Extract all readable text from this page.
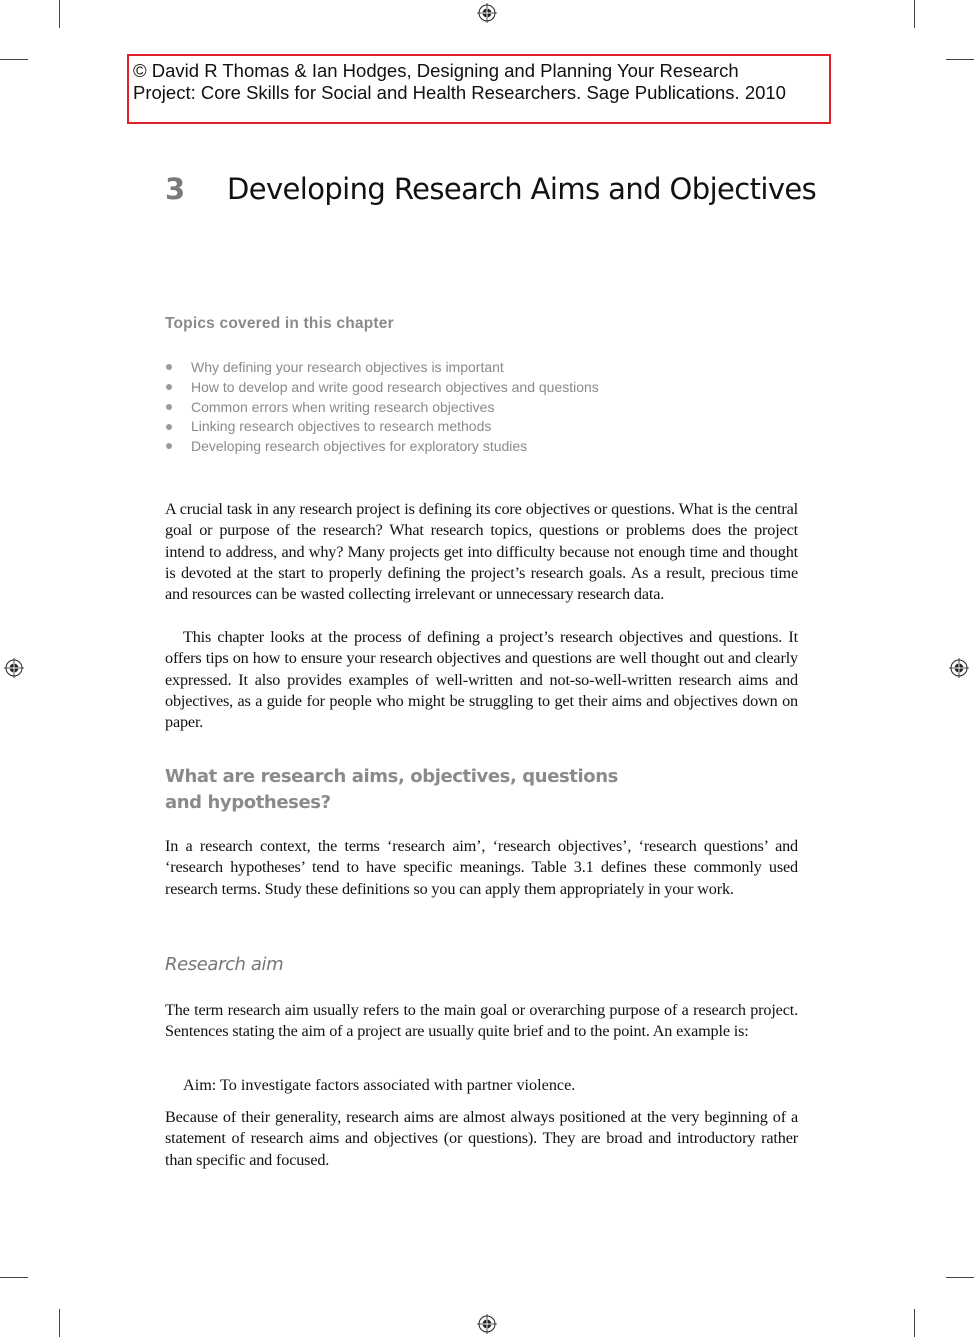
© David R Thomas & Ian Hodges, Designing and Planning Your Research
Project: Core Skills for Social and Health Researchers. Sage Publications. 2010
3 Developing Research Aims and Objectives
Topics covered in this chapter
Why defining your research objectives is important
How to develop and write good research objectives and questions
Common errors when writing research objectives
Linking research objectives to research methods
Developing research objectives for exploratory studies

A crucial task in any research project is defining its core objectives or questions. What is the central goal or purpose of the research? What research topics, questions or problems does the project intend to address, and why? Many projects get into difficulty because not enough time and thought is devoted at the start to properly defining the project’s research goals. As a result, precious time and resources can be wasted collecting irrelevant or unnecessary research data.

This chapter looks at the process of defining a project’s research objectives and questions. It offers tips on how to ensure your research objectives and questions are well thought out and clearly expressed. It also provides examples of well-written and not-so-well-written research aims and objectives, as a guide for people who might be struggling to get their aims and objectives down on paper.

What are research aims, objectives, questions
and hypotheses?

In a research context, the terms ‘research aim’, ‘research objectives’, ‘research questions’ and ‘research hypotheses’ tend to have specific meanings. Table 3.1 defines these commonly used research terms. Study these definitions so you can apply them appropriately in your work.

Research aim

The term research aim usually refers to the main goal or overarching purpose of a research project. Sentences stating the aim of a project are usually quite brief and to the point. An example is:

Aim: To investigate factors associated with partner violence.

Because of their generality, research aims are almost always positioned at the very beginning of a statement of research aims and objectives (or questions). They are broad and introductory rather than specific and focused.
